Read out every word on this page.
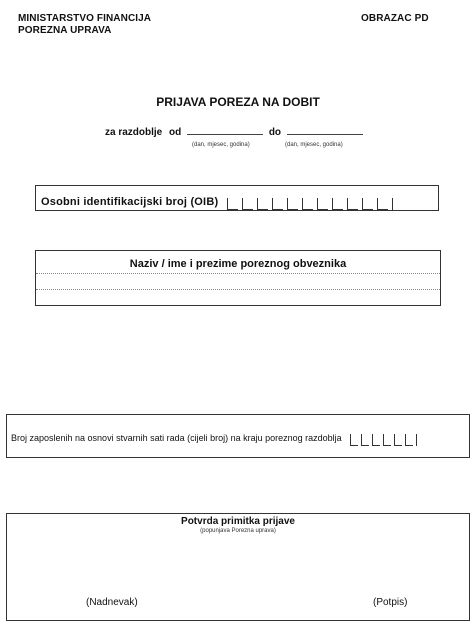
MINISTARSTVO FINANCIJA
POREZNA UPRAVA
OBRAZAC PD
PRIJAVA POREZA NA DOBIT
za razdoblje od	do
(dan, mjesec, godina)	(dan, mjesec, godina)
Osobni identifikacijski broj (OIB)
Naziv / ime i prezime poreznog obveznika
Broj zaposlenih na osnovi stvarnih sati rada (cijeli broj) na kraju poreznog razdoblja
Potvrda primitka prijave
(popunjava Porezna uprava)
(Nadnevak)	(Potpis)
